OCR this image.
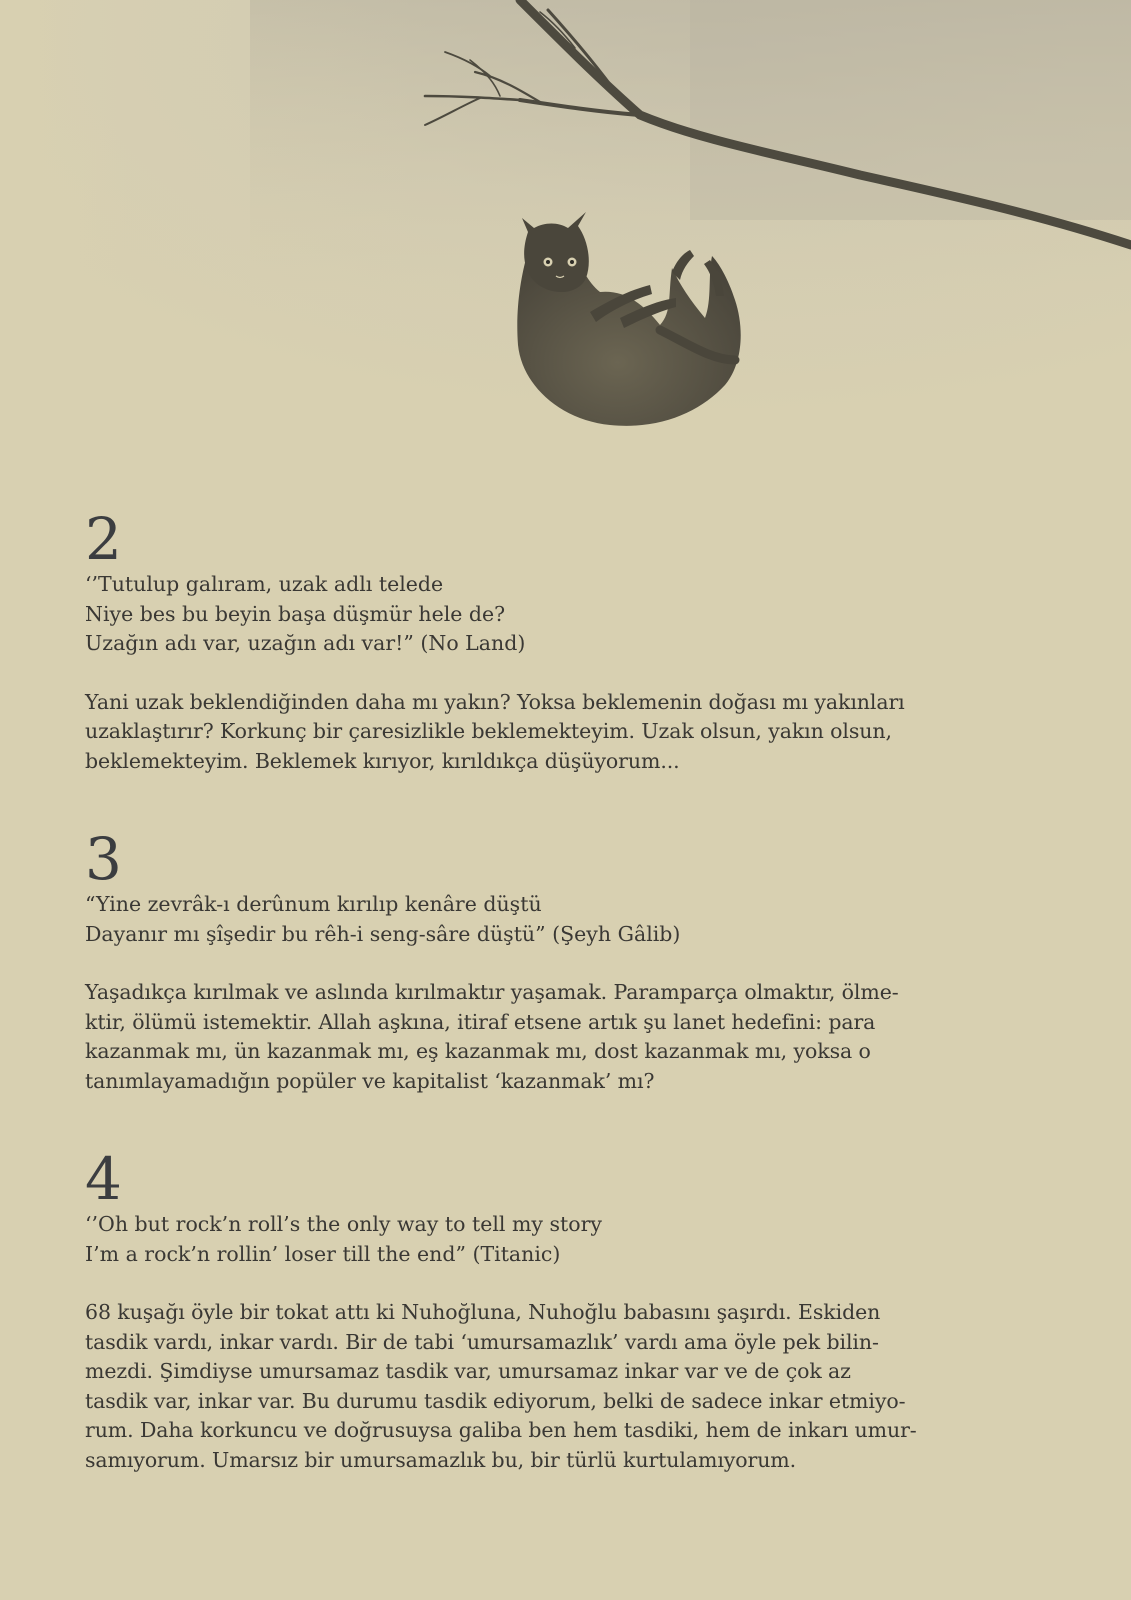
2

‘’Tutulup galıram, uzak adlı telede
Niye bes bu beyin başa düşmür hele de?
Uzağın adı var, uzağın adı var!” (No Land)

Yani uzak beklendiğinden daha mı yakın? Yoksa beklemenin doğası mı yakınları
uzaklaştırır? Korkunç bir çaresizlikle beklemekteyim. Uzak olsun, yakın olsun,
beklemekteyim. Beklemek kırıyor, kırıldıkça düşüyorum...

3

“Yine zevrâk-ı derûnum kırılıp kenâre düştü
Dayanır mı şîşedir bu rêh-i seng-sâre düştü” (Şeyh Gâlib)

Yaşadıkça kırılmak ve aslında kırılmaktır yaşamak. Paramparça olmaktır, ölme-
ktir, ölümü istemektir. Allah aşkına, itiraf etsene artık şu lanet hedefini: para
kazanmak mı, ün kazanmak mı, eş kazanmak mı, dost kazanmak mı, yoksa o
tanımlayamadığın popüler ve kapitalist ‘kazanmak’ mı?

4

‘’Oh but rock’n roll’s the only way to tell my story
I’m a rock’n rollin’ loser till the end” (Titanic)

68 kuşağı öyle bir tokat attı ki Nuhoğluna, Nuhoğlu babasını şaşırdı. Eskiden
tasdik vardı, inkar vardı. Bir de tabi ‘umursamazlık’ vardı ama öyle pek bilin-
mezdi. Şimdiyse umursamaz tasdik var, umursamaz inkar var ve de çok az
tasdik var, inkar var. Bu durumu tasdik ediyorum, belki de sadece inkar etmiyo-
rum. Daha korkuncu ve doğrusuysa galiba ben hem tasdiki, hem de inkarı umur-
samıyorum. Umarsız bir umursamazlık bu, bir türlü kurtulamıyorum.
